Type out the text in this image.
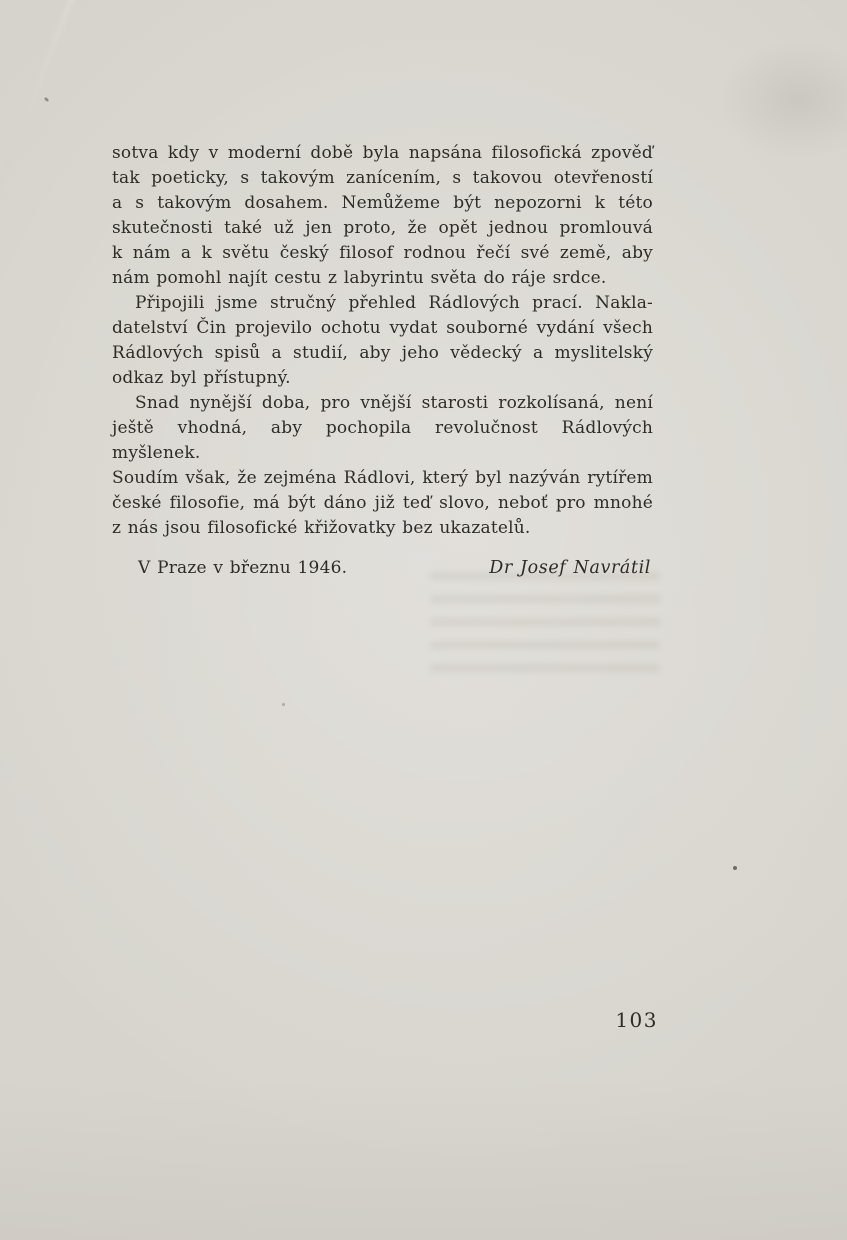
sotva kdy v moderní době byla napsána filosofická zpověď
tak poeticky, s takovým zanícením, s takovou otevřeností
a s takovým dosahem. Nemůžeme být nepozorni k této
skutečnosti také už jen proto, že opět jednou promlouvá
k nám a k světu český filosof rodnou řečí své země, aby
nám pomohl najít cestu z labyrintu světa do ráje srdce.
Připojili jsme stručný přehled Rádlových prací. Nakla-
datelství Čin projevilo ochotu vydat souborné vydání všech
Rádlových spisů a studií, aby jeho vědecký a myslitelský
odkaz byl přístupný.
Snad nynější doba, pro vnější starosti rozkolísaná, není
ještě vhodná, aby pochopila revolučnost Rádlových myšlenek.
Soudím však, že zejména Rádlovi, který byl nazýván rytířem
české filosofie, má být dáno již teď slovo, neboť pro mnohé
z nás jsou filosofické křižovatky bez ukazatelů.
V Praze v březnu 1946.	Dr Josef Navrátil
103
